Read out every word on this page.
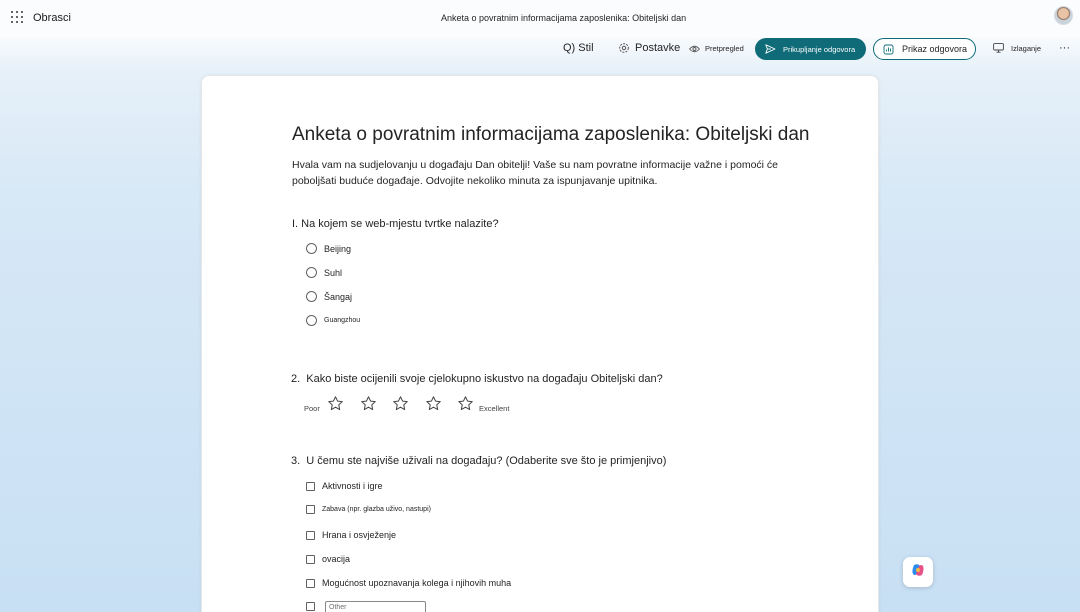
Obrasci	Anketa o povratnim informacijama zaposlenika: Obiteljski dan
Q) Stil	Postavke	Pretpregled	Prikupljanje odgovora	Prikaz odgovora	Izlaganje ···
Anketa o povratnim informacijama zaposlenika: Obiteljski dan
Hvala vam na sudjelovanju u događaju Dan obitelji! Vaše su nam povratne informacije važne i pomoći će poboljšati buduće događaje. Odvojite nekoliko minuta za ispunjavanje upitnika.
I. Na kojem se web-mjestu tvrtke nalazite?
Beijing
Suhl
Šangaj
Guangzhou
2. Kako biste ocijenili svoje cjelokupno iskustvo na događaju Obiteljski dan?
Poor	Excellent
3. U čemu ste najviše uživali na događaju? (Odaberite sve što je primjenjivo)
Aktivnosti i igre
Zabava (npr. glazba uživo, nastupi)
Hrana i osvježenje
ovacija
Mogućnost upoznavanja kolega i njihovih muha
Other
